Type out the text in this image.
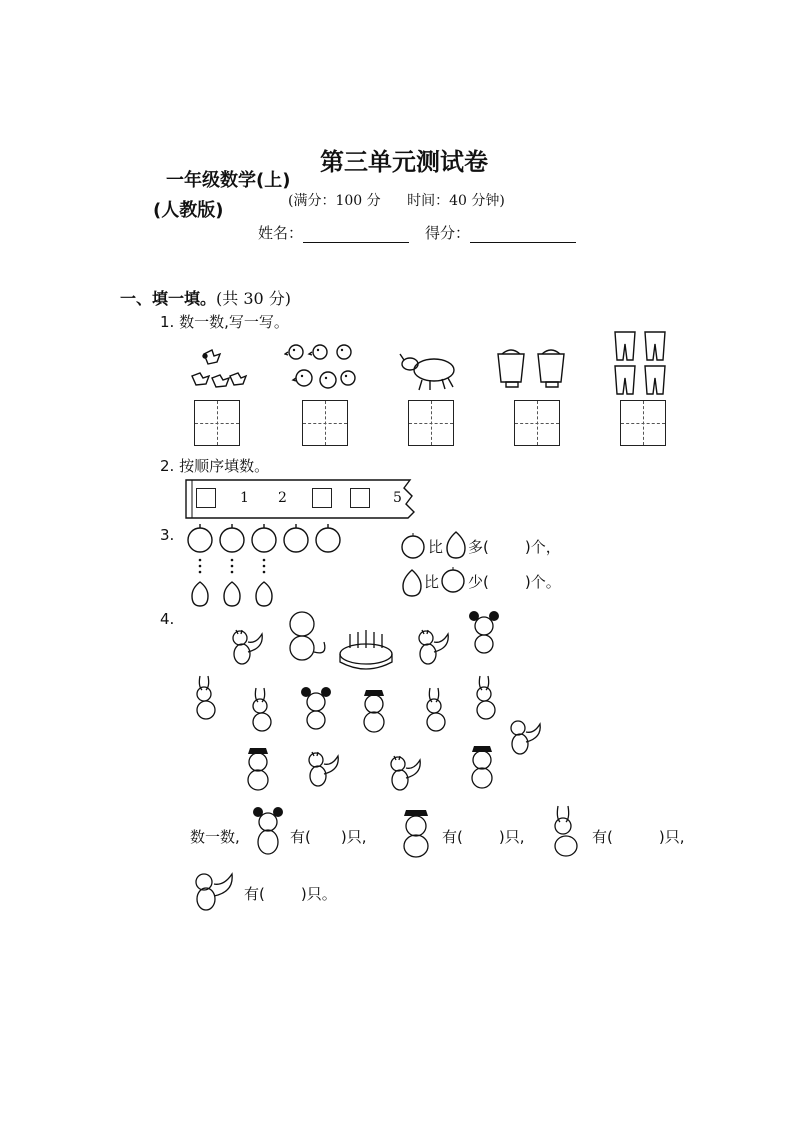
第三单元测试卷
一年级数学(上)
(人教版)	(满分：100 分 时间：40 分钟)
姓名：	得分：
一、填一填。(共 30 分)
1. 数一数,写一写。
2. 按顺序填数。
1 2	5
3.
比 多( )个，
比 少( )个。
4.
数一数,	有( )只,	有( )只,	有(	)只,
有( )只。
